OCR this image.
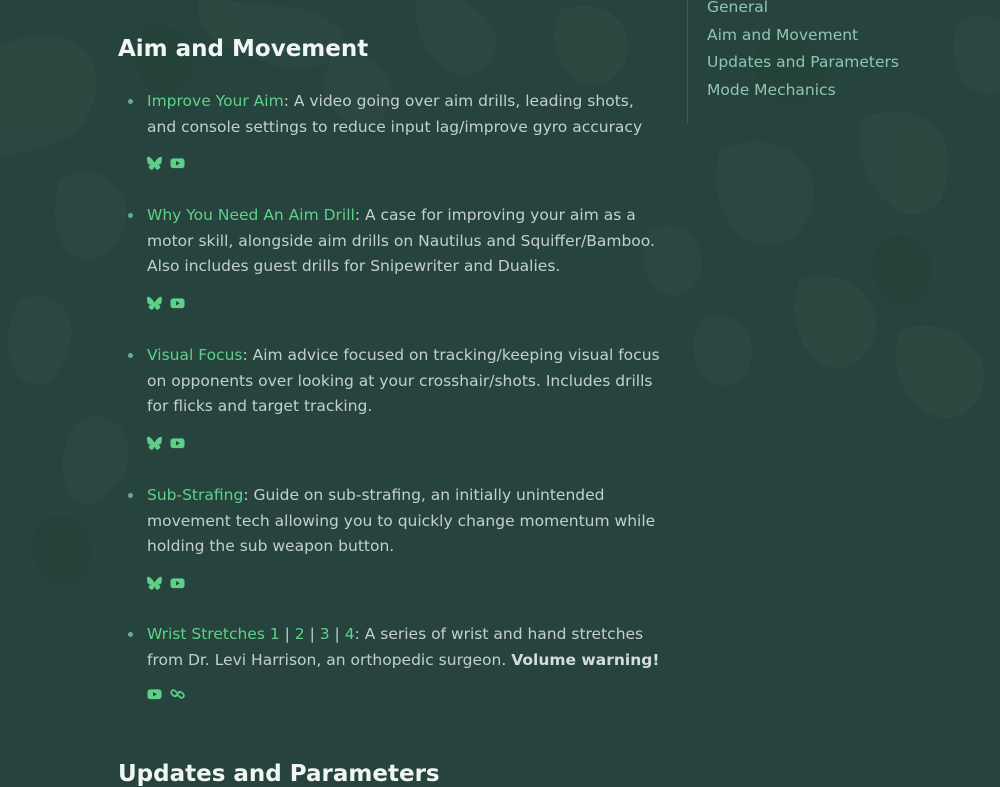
General
Aim and Movement
Updates and Parameters
Mode Mechanics
Aim and Movement
Improve Your Aim: A video going over aim drills, leading shots, and console settings to reduce input lag/improve gyro accuracy
Why You Need An Aim Drill: A case for improving your aim as a motor skill, alongside aim drills on Nautilus and Squiffer/Bamboo. Also includes guest drills for Snipewriter and Dualies.
Visual Focus: Aim advice focused on tracking/keeping visual focus on opponents over looking at your crosshair/shots. Includes drills for flicks and target tracking.
Sub-Strafing: Guide on sub-strafing, an initially unintended movement tech allowing you to quickly change momentum while holding the sub weapon button.
Wrist Stretches 1 | 2 | 3 | 4: A series of wrist and hand stretches from Dr. Levi Harrison, an orthopedic surgeon. Volume warning!
Updates and Parameters
